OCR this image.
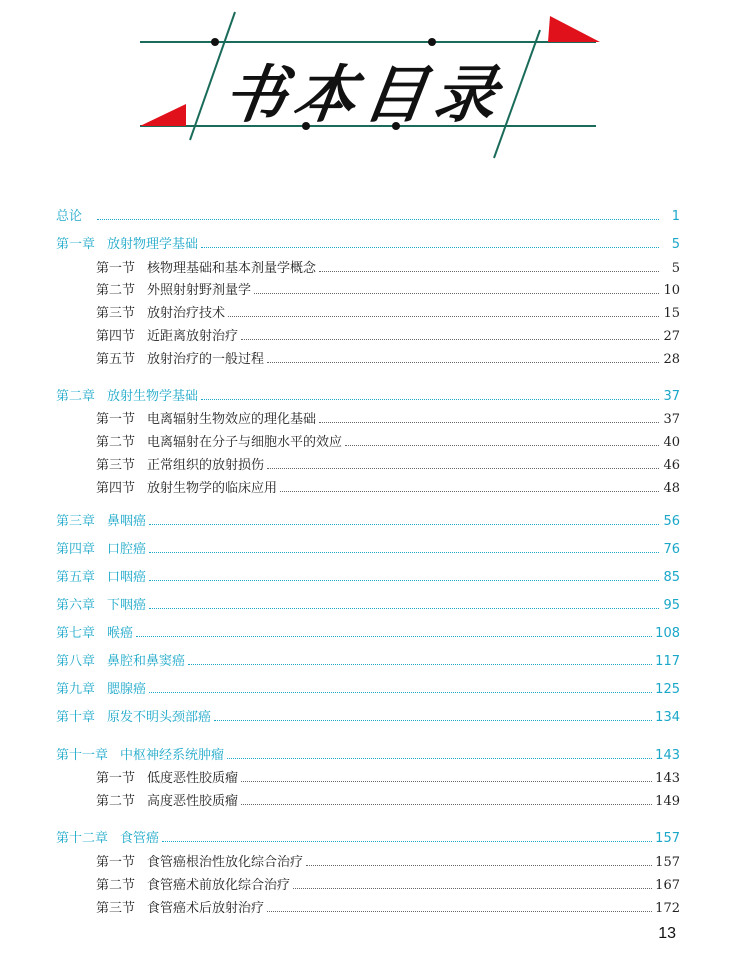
书本目录
总论	1
第一章 放射物理学基础	5
第一节 核物理基础和基本剂量学概念	5
第二节 外照射射野剂量学	10
第三节 放射治疗技术	15
第四节 近距离放射治疗	27
第五节 放射治疗的一般过程	28
第二章 放射生物学基础	37
第一节 电离辐射生物效应的理化基础	37
第二节 电离辐射在分子与细胞水平的效应	40
第三节 正常组织的放射损伤	46
第四节 放射生物学的临床应用	48
第三章 鼻咽癌	56
第四章 口腔癌	76
第五章 口咽癌	85
第六章 下咽癌	95
第七章 喉癌	108
第八章 鼻腔和鼻窦癌	117
第九章 腮腺癌	125
第十章 原发不明头颈部癌	134
第十一章 中枢神经系统肿瘤	143
第一节 低度恶性胶质瘤	143
第二节 高度恶性胶质瘤	149
第十二章 食管癌	157
第一节 食管癌根治性放化综合治疗	157
第二节 食管癌术前放化综合治疗	167
第三节 食管癌术后放射治疗	172
13
